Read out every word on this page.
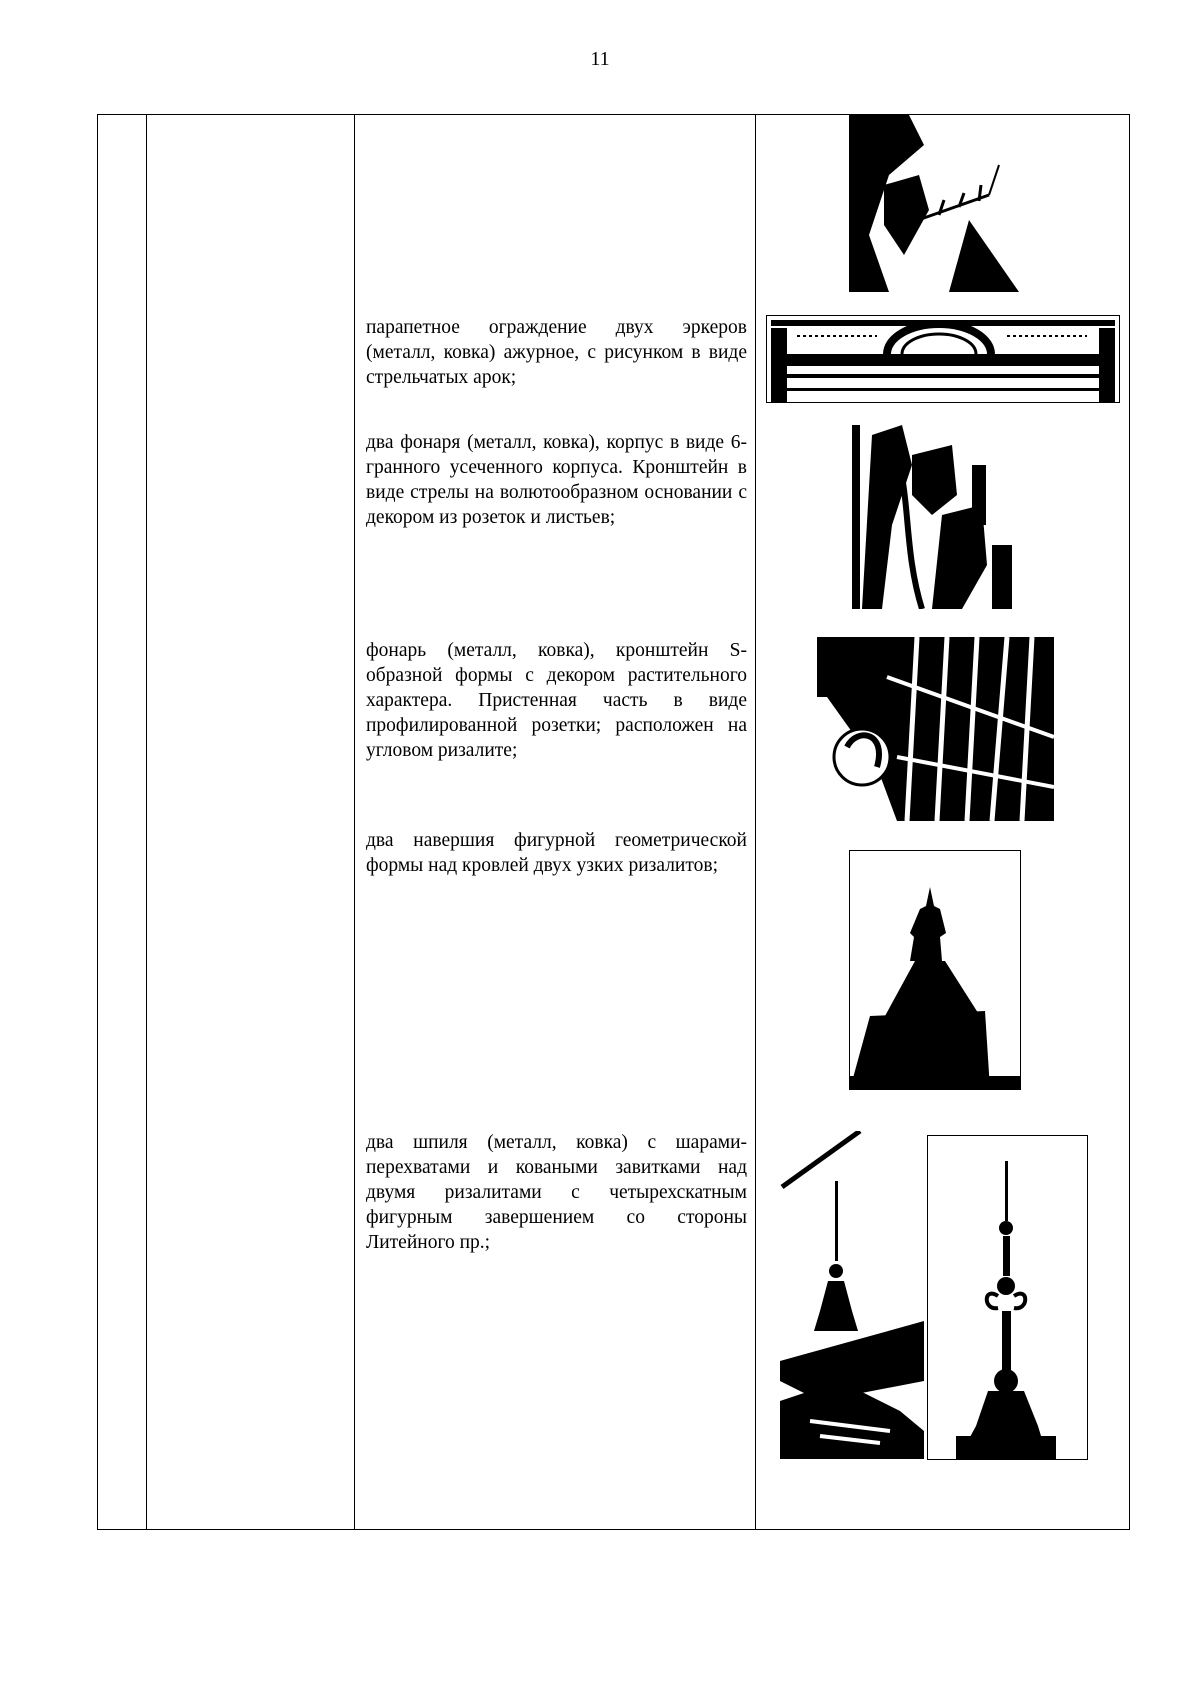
11
парапетное ограждение двух эркеров (металл, ковка) ажурное, с рисунком в виде стрельчатых арок;
два фонаря (металл, ковка), корпус в виде 6-гранного усеченного корпуса. Кронштейн в виде стрелы на волютообразном основании с декором из розеток и листьев;
фонарь (металл, ковка), кронштейн S-образной формы с декором растительного характера. Пристенная часть в виде профилированной розетки; расположен на угловом ризалите;
два навершия фигурной геометрической формы над кровлей двух узких ризалитов;
два шпиля (металл, ковка) с шарами-перехватами и коваными завитками над двумя ризалитами с четырехскатным фигурным завершением со стороны Литейного пр.;
